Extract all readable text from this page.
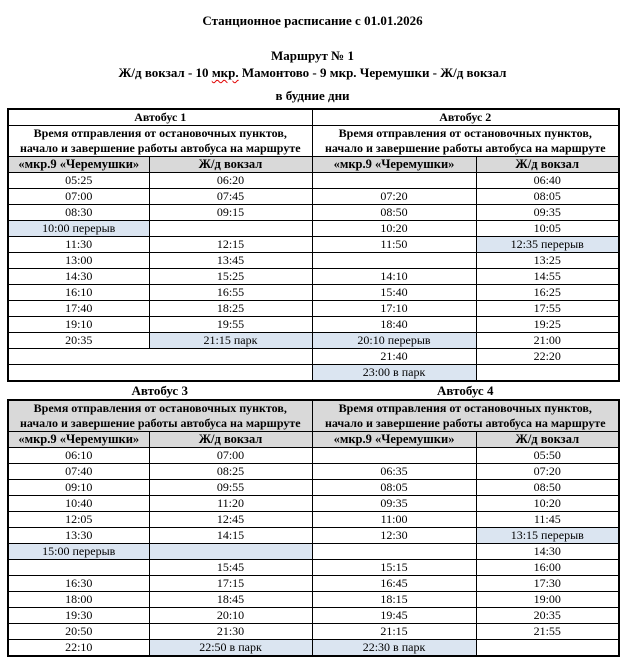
Станционное расписание с 01.01.2026
Маршрут № 1
Ж/д вокзал - 10 мкр. Мамонтово - 9 мкр. Черемушки - Ж/д вокзал
в будние дни
Автобус 1		Автобус 2	

Время отправления от остановочных пунктов,
начало и завершение работы автобуса на маршруте		Время отправления от остановочных пунктов,
начало и завершение работы автобуса на маршруте	

«мкр.9 «Черемушки»	Ж/д вокзал	«мкр.9 «Черемушки»	Ж/д вокзал
05:25	06:20		06:40
07:00	07:45	07:20	08:05
08:30	09:15	08:50	09:35
10:00 перерыв		10:20	10:05
11:30	12:15	11:50	12:35 перерыв
13:00	13:45		13:25
14:30	15:25	14:10	14:55
16:10	16:55	15:40	16:25
17:40	18:25	17:10	17:55
19:10	19:55	18:40	19:25
20:35	21:15 парк	20:10 перерыв	21:00
		21:40	22:20
		23:00 в парк	
Автобус 3	Автобус 4
Время отправления от остановочных пунктов,
начало и завершение работы автобуса на маршруте		Время отправления от остановочных пунктов,
начало и завершение работы автобуса на маршруте	

«мкр.9 «Черемушки»	Ж/д вокзал	«мкр.9 «Черемушки»	Ж/д вокзал
06:10	07:00		05:50
07:40	08:25	06:35	07:20
09:10	09:55	08:05	08:50
10:40	11:20	09:35	10:20
12:05	12:45	11:00	11:45
13:30	14:15	12:30	13:15 перерыв
15:00 перерыв			14:30
	15:45	15:15	16:00
16:30	17:15	16:45	17:30
18:00	18:45	18:15	19:00
19:30	20:10	19:45	20:35
20:50	21:30	21:15	21:55
22:10	22:50 в парк	22:30 в парк	
